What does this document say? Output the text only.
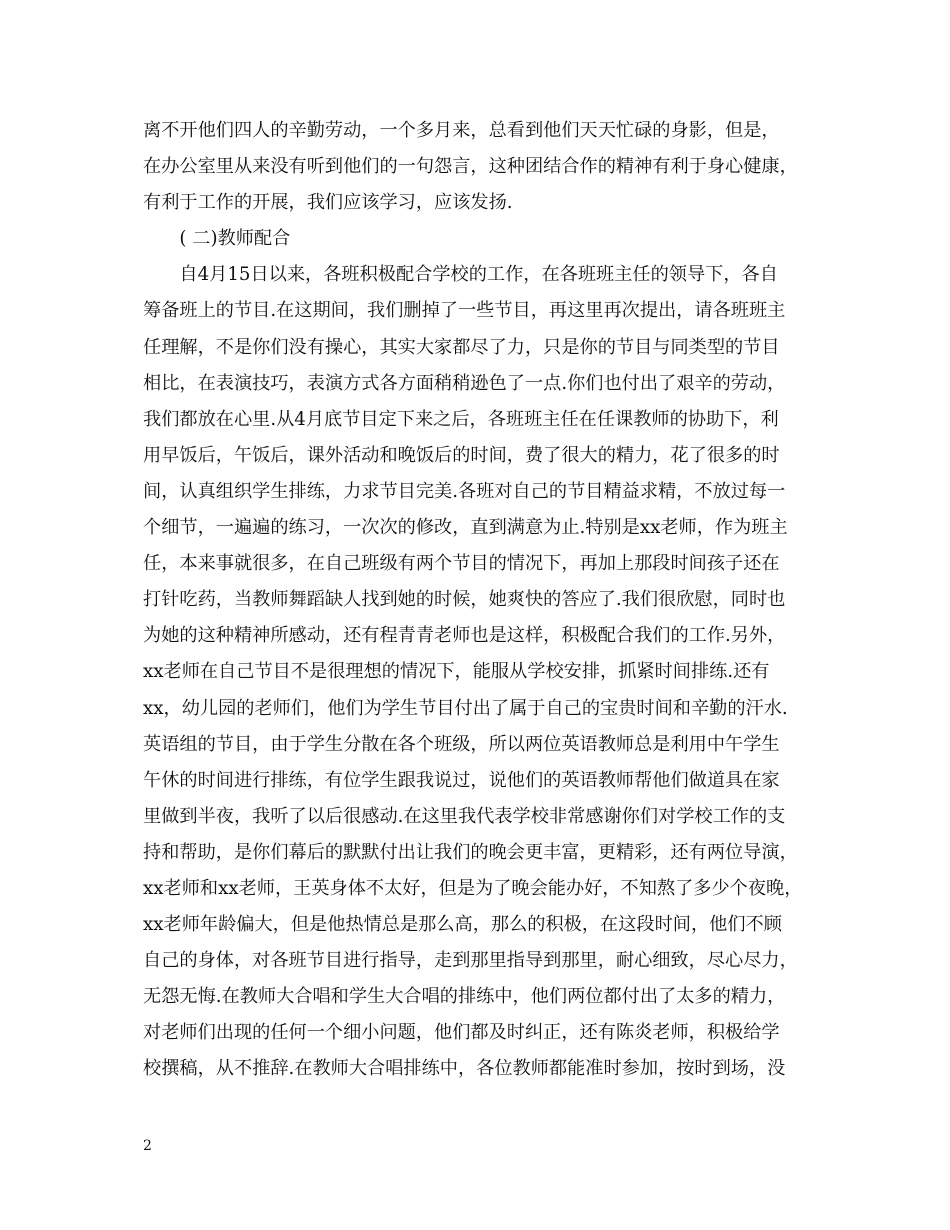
离不开他们四人的辛勤劳动，一个多月来，总看到他们天天忙碌的身影，但是，
在办公室里从来没有听到他们的一句怨言，这种团结合作的精神有利于身心健康，
有利于工作的开展，我们应该学习，应该发扬.
　　( 二)教师配合
　　自4月15日以来，各班积极配合学校的工作，在各班班主任的领导下，各自
筹备班上的节目.在这期间，我们删掉了一些节目，再这里再次提出，请各班班主
任理解，不是你们没有操心，其实大家都尽了力，只是你的节目与同类型的节目
相比，在表演技巧，表演方式各方面稍稍逊色了一点.你们也付出了艰辛的劳动，
我们都放在心里.从4月底节目定下来之后，各班班主任在任课教师的协助下，利
用早饭后，午饭后，课外活动和晚饭后的时间，费了很大的精力，花了很多的时
间，认真组织学生排练，力求节目完美.各班对自己的节目精益求精，不放过每一
个细节，一遍遍的练习，一次次的修改，直到满意为止.特别是xx老师，作为班主
任，本来事就很多，在自己班级有两个节目的情况下，再加上那段时间孩子还在
打针吃药，当教师舞蹈缺人找到她的时候，她爽快的答应了.我们很欣慰，同时也
为她的这种精神所感动，还有程青青老师也是这样，积极配合我们的工作.另外，
xx老师在自己节目不是很理想的情况下，能服从学校安排，抓紧时间排练.还有
xx，幼儿园的老师们，他们为学生节目付出了属于自己的宝贵时间和辛勤的汗水.
英语组的节目，由于学生分散在各个班级，所以两位英语教师总是利用中午学生
午休的时间进行排练，有位学生跟我说过，说他们的英语教师帮他们做道具在家
里做到半夜，我听了以后很感动.在这里我代表学校非常感谢你们对学校工作的支
持和帮助，是你们幕后的默默付出让我们的晚会更丰富，更精彩，还有两位导演，
xx老师和xx老师，王英身体不太好，但是为了晚会能办好，不知熬了多少个夜晚，
xx老师年龄偏大，但是他热情总是那么高，那么的积极，在这段时间，他们不顾
自己的身体，对各班节目进行指导，走到那里指导到那里，耐心细致，尽心尽力，
无怨无悔.在教师大合唱和学生大合唱的排练中，他们两位都付出了太多的精力，
对老师们出现的任何一个细小问题，他们都及时纠正，还有陈炎老师，积极给学
校撰稿，从不推辞.在教师大合唱排练中，各位教师都能准时参加，按时到场，没
2
